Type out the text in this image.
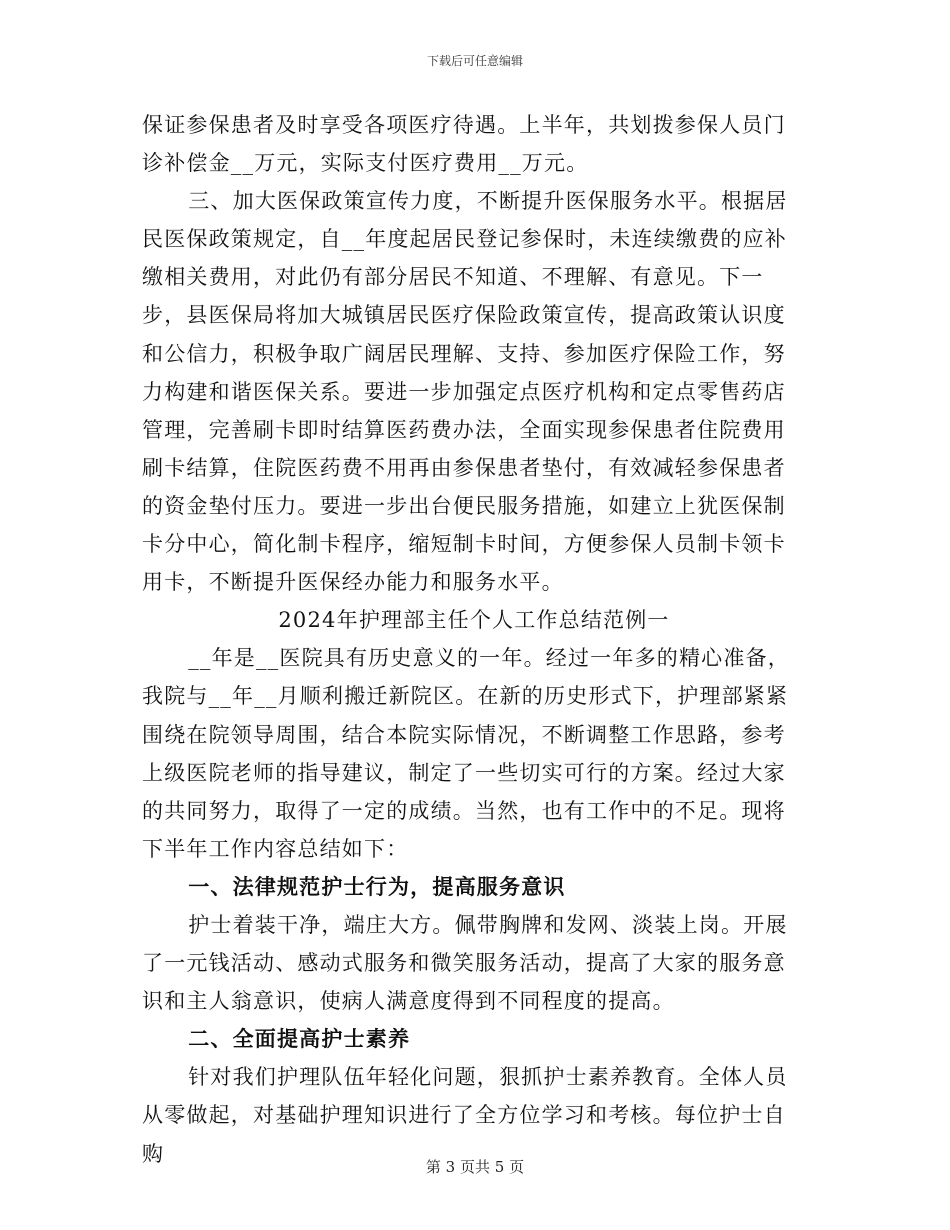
下载后可任意编辑

保证参保患者及时享受各项医疗待遇。上半年，共划拨参保人员门诊补偿金__万元，实际支付医疗费用__万元。

三、加大医保政策宣传力度，不断提升医保服务水平。根据居民医保政策规定，自__年度起居民登记参保时，未连续缴费的应补缴相关费用，对此仍有部分居民不知道、不理解、有意见。下一步，县医保局将加大城镇居民医疗保险政策宣传，提高政策认识度和公信力，积极争取广阔居民理解、支持、参加医疗保险工作，努力构建和谐医保关系。要进一步加强定点医疗机构和定点零售药店管理，完善刷卡即时结算医药费办法，全面实现参保患者住院费用刷卡结算，住院医药费不用再由参保患者垫付，有效减轻参保患者的资金垫付压力。要进一步出台便民服务措施，如建立上犹医保制卡分中心，简化制卡程序，缩短制卡时间，方便参保人员制卡领卡用卡，不断提升医保经办能力和服务水平。

2024年护理部主任个人工作总结范例一

__年是__医院具有历史意义的一年。经过一年多的精心准备，我院与__年__月顺利搬迁新院区。在新的历史形式下，护理部紧紧围绕在院领导周围，结合本院实际情况，不断调整工作思路，参考上级医院老师的指导建议，制定了一些切实可行的方案。经过大家的共同努力，取得了一定的成绩。当然，也有工作中的不足。现将下半年工作内容总结如下：

一、法律规范护士行为，提高服务意识

护士着装干净，端庄大方。佩带胸牌和发网、淡装上岗。开展了一元钱活动、感动式服务和微笑服务活动，提高了大家的服务意识和主人翁意识，使病人满意度得到不同程度的提高。

二、全面提高护士素养

针对我们护理队伍年轻化问题，狠抓护士素养教育。全体人员从零做起，对基础护理知识进行了全方位学习和考核。每位护士自购

第 3 页共 5 页
